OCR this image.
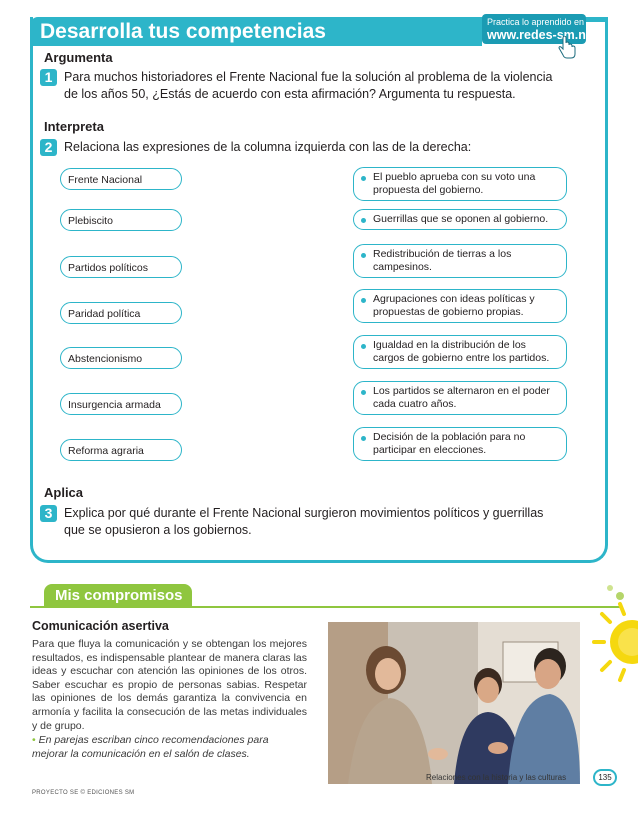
Desarrolla tus competencias	Practica lo aprendido en
www.redes-sm.net
Argumenta
1 Para muchos historiadores el Frente Nacional fue la solución al problema de la violencia de los años 50, ¿Estás de acuerdo con esta afirmación? Argumenta tu respuesta.
Interpreta
2 Relaciona las expresiones de la columna izquierda con las de la derecha:
Frente Nacional
Plebiscito
Partidos políticos
Paridad política
Abstencionismo
Insurgencia armada
Reforma agraria
El pueblo aprueba con su voto una propuesta del gobierno.
Guerrillas que se oponen al gobierno.
Redistribución de tierras a los campesinos.
Agrupaciones con ideas políticas y propuestas de gobierno propias.
Igualdad en la distribución de los cargos de gobierno entre los partidos.
Los partidos se alternaron en el poder cada cuatro años.
Decisión de la población para no participar en elecciones.
Aplica
3 Explica por qué durante el Frente Nacional surgieron movimientos políticos y guerrillas que se opusieron a los gobiernos.
Mis compromisos
Comunicación asertiva
Para que fluya la comunicación y se obtengan los mejores resultados, es indispensable plantear de manera claras las ideas y escuchar con atención las opiniones de los otros. Saber escuchar es propio de personas sabias. Respetar las opiniones de los demás garantiza la convivencia en armonía y facilita la consecución de las metas individuales y de grupo.
• En parejas escriban cinco recomendaciones para mejorar la comunicación en el salón de clases.
PROYECTO SE © EDICIONES SM
Relaciones con la historia y las culturas	135
